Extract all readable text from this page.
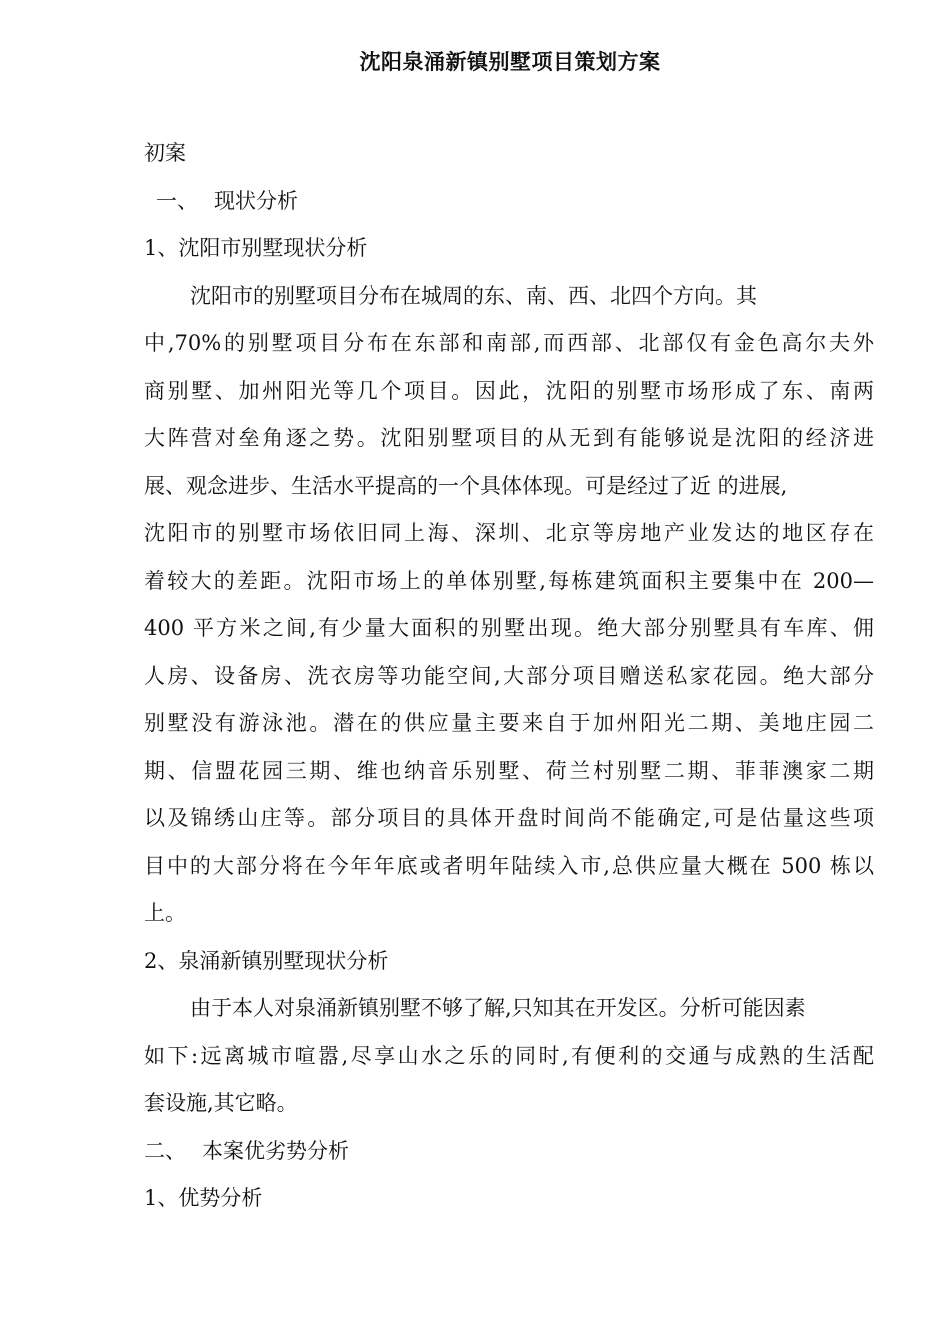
沈阳泉涌新镇别墅项目策划方案
初案
一、 现状分析
1、沈阳市别墅现状分析
沈阳市的别墅项目分布在城周的东、南、西、北四个方向。其
中,70%的别墅项目分布在东部和南部,而西部、北部仅有金色高尔夫外
商别墅、加州阳光等几个项目。因此，沈阳的别墅市场形成了东、南两
大阵营对垒角逐之势。沈阳别墅项目的从无到有能够说是沈阳的经济进
展、观念进步、生活水平提高的一个具体体现。可是经过了近 的进展,
沈阳市的别墅市场依旧同上海、深圳、北京等房地产业发达的地区存在
着较大的差距。沈阳市场上的单体别墅,每栋建筑面积主要集中在 200—
400 平方米之间,有少量大面积的别墅出现。绝大部分别墅具有车库、佣
人房、设备房、洗衣房等功能空间,大部分项目赠送私家花园。绝大部分
别墅没有游泳池。潜在的供应量主要来自于加州阳光二期、美地庄园二
期、信盟花园三期、维也纳音乐别墅、荷兰村别墅二期、菲菲澳家二期
以及锦绣山庄等。部分项目的具体开盘时间尚不能确定,可是估量这些项
目中的大部分将在今年年底或者明年陆续入市,总供应量大概在 500 栋以
上。
2、泉涌新镇别墅现状分析
由于本人对泉涌新镇别墅不够了解,只知其在开发区。分析可能因素
如下:远离城市喧嚣,尽享山水之乐的同时,有便利的交通与成熟的生活配
套设施,其它略。
二、 本案优劣势分析
1、优势分析
